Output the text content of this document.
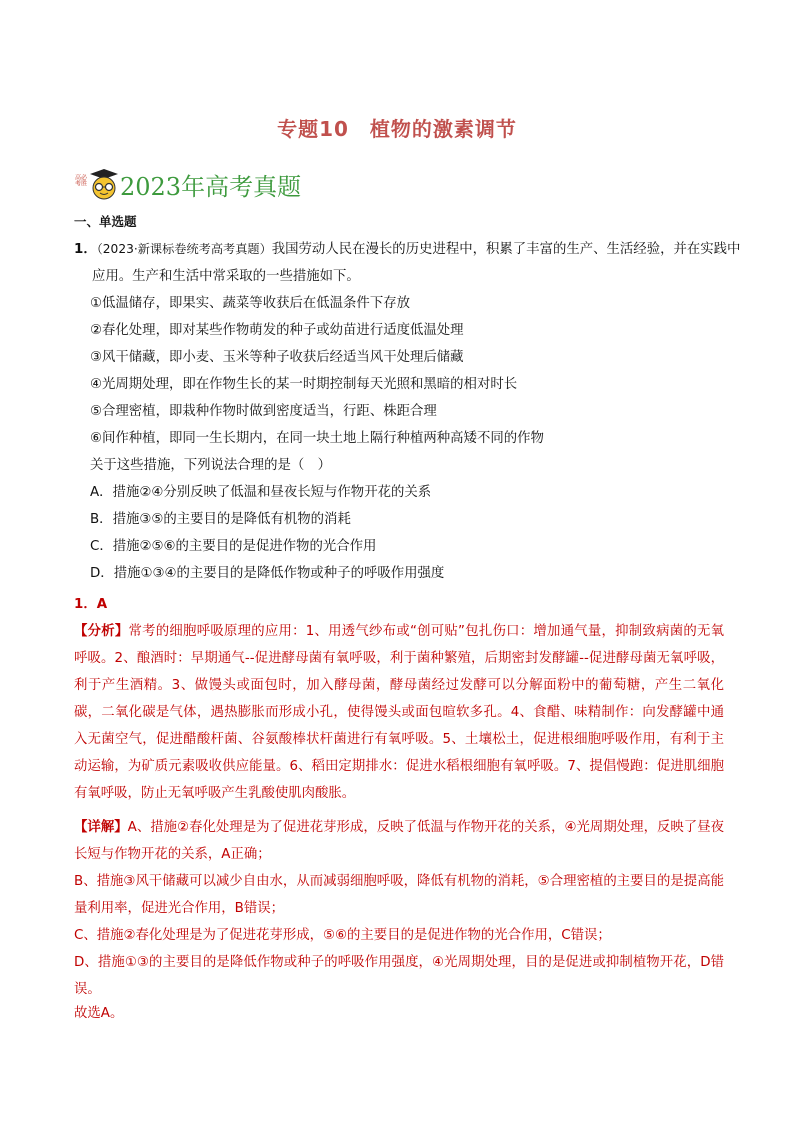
专题10　植物的激素调节
高考 必胜 2023年高考真题
一、单选题
1．（2023·新课标卷统考高考真题）我国劳动人民在漫长的历史进程中，积累了丰富的生产、生活经验，并在实践中应用。生产和生活中常采取的一些措施如下。
①低温储存，即果实、蔬菜等收获后在低温条件下存放
②春化处理，即对某些作物萌发的种子或幼苗进行适度低温处理
③风干储藏，即小麦、玉米等种子收获后经适当风干处理后储藏
④光周期处理，即在作物生长的某一时期控制每天光照和黑暗的相对时长
⑤合理密植，即栽种作物时做到密度适当，行距、株距合理
⑥间作种植，即同一生长期内，在同一块土地上隔行种植两种高矮不同的作物
关于这些措施，下列说法合理的是（　）
A．措施②④分别反映了低温和昼夜长短与作物开花的关系
B．措施③⑤的主要目的是降低有机物的消耗
C．措施②⑤⑥的主要目的是促进作物的光合作用
D．措施①③④的主要目的是降低作物或种子的呼吸作用强度
1．A
【分析】常考的细胞呼吸原理的应用：1、用透气纱布或“创可贴”包扎伤口：增加通气量，抑制致病菌的无氧呼吸。2、酿酒时：早期通气--促进酵母菌有氧呼吸，利于菌种繁殖，后期密封发酵罐--促进酵母菌无氧呼吸，利于产生酒精。3、做馒头或面包时，加入酵母菌，酵母菌经过发酵可以分解面粉中的葡萄糖，产生二氧化碳，二氧化碳是气体，遇热膨胀而形成小孔，使得馒头或面包暄软多孔。4、食醋、味精制作：向发酵罐中通入无菌空气，促进醋酸杆菌、谷氨酸棒状杆菌进行有氧呼吸。5、土壤松土，促进根细胞呼吸作用，有利于主动运输，为矿质元素吸收供应能量。6、稻田定期排水：促进水稻根细胞有氧呼吸。7、提倡慢跑：促进肌细胞有氧呼吸，防止无氧呼吸产生乳酸使肌肉酸胀。

【详解】A、措施②春化处理是为了促进花芽形成，反映了低温与作物开花的关系，④光周期处理，反映了昼夜长短与作物开花的关系，A正确；

B、措施③风干储藏可以减少自由水，从而减弱细胞呼吸，降低有机物的消耗，⑤合理密植的主要目的是提高能量利用率，促进光合作用，B错误；

C、措施②春化处理是为了促进花芽形成，⑤⑥的主要目的是促进作物的光合作用，C错误；

D、措施①③的主要目的是降低作物或种子的呼吸作用强度，④光周期处理，目的是促进或抑制植物开花，D错误。

故选A。
